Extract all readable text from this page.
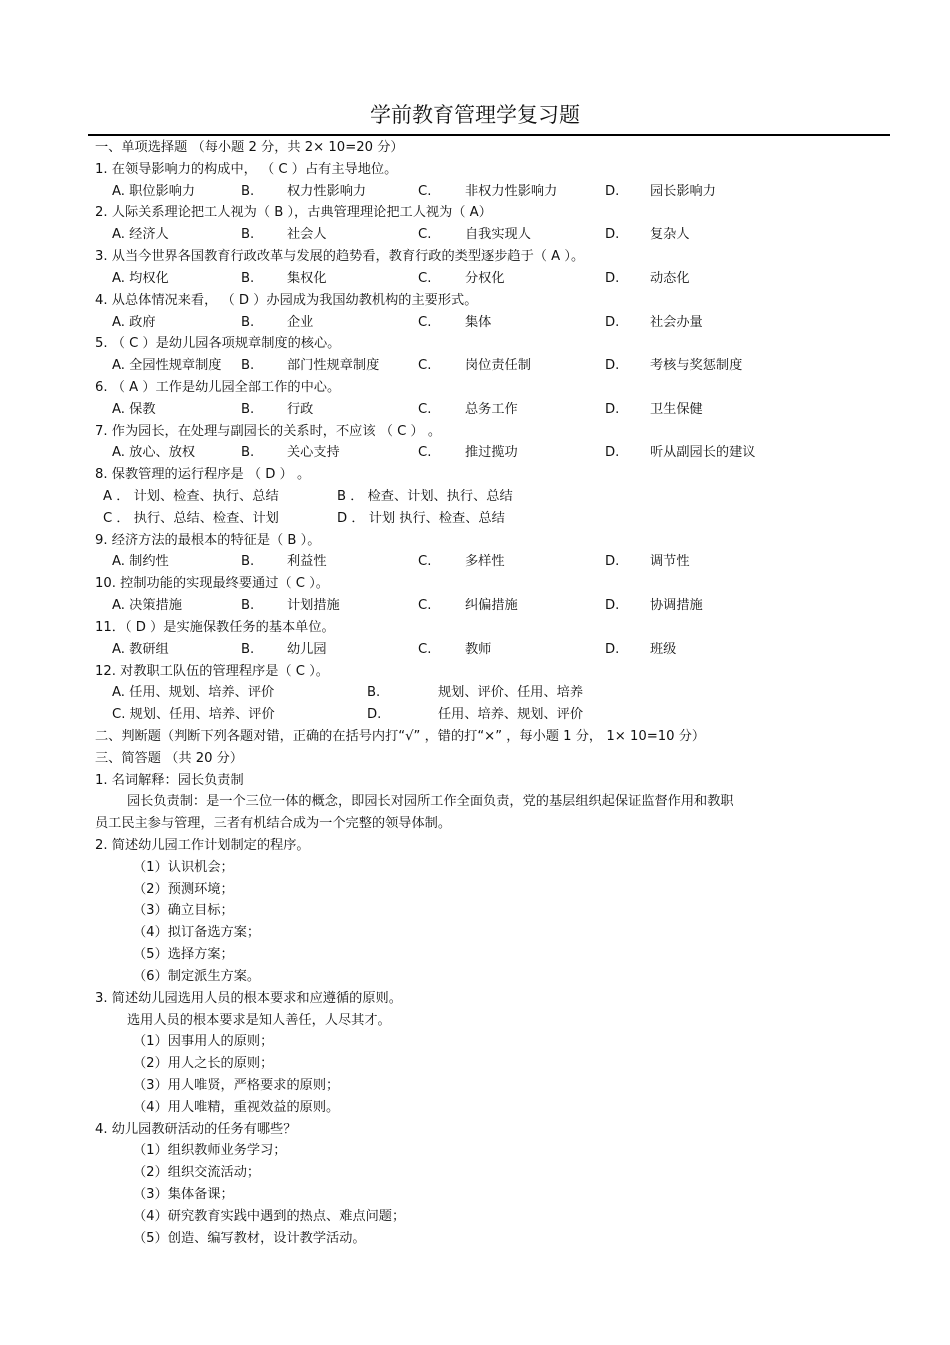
学前教育管理学复习题
一、单项选择题 （每小题 2 分，共 2× 10=20 分）
1. 在领导影响力的构成中， （ C ）占有主导地位。
A. 职位影响力	B. 权力性影响力	C.	非权力性影响力	D. 园长影响力
2. 人际关系理论把工人视为（ B ），古典管理理论把工人视为（ A）
A. 经济人	B. 社会人	C.	自我实现人	D. 复杂人
3. 从当今世界各国教育行政改革与发展的趋势看，教育行政的类型逐步趋于（ A ）。
A. 均权化	B. 集权化	C.	分权化	D. 动态化
4. 从总体情况来看， （ D ）办园成为我国幼教机构的主要形式。
A. 政府	B. 企业	C.	集体	D. 社会办量
5. （ C ）是幼儿园各项规章制度的核心。
A. 全园性规章制度 B. 部门性规章制度	C.	岗位责任制	D. 考核与奖惩制度
6. （ A ）工作是幼儿园全部工作的中心。
A. 保教	B. 行政	C.	总务工作	D. 卫生保健
7. 作为园长，在处理与副园长的关系时，不应该 （ C ） 。
A. 放心、放权	B. 关心支持	C.	推过揽功	D. 听从副园长的建议
8. 保教管理的运行程序是 （ D ） 。
A ． 计划、检查、执行、总结	B ． 检查、计划、执行、总结
C ． 执行、总结、检查、计划	D ． 计划 执行、检查、总结
9. 经济方法的最根本的特征是（ B ）。
A. 制约性	B. 利益性	C.	多样性	D. 调节性
10. 控制功能的实现最终要通过（ C ）。
A. 决策措施	B. 计划措施	C.	纠偏措施	D. 协调措施
11．（ D ）是实施保教任务的基本单位。
A. 教研组	B. 幼儿园	C.	教师	D. 班级
12. 对教职工队伍的管理程序是（ C ）。
A. 任用、规划、培养、评价	B.	规划、评价、任用、培养
C. 规划、任用、培养、评价	D.	任用、培养、规划、评价
二、判断题（判断下列各题对错，正确的在括号内打“√” ，错的打“×” ，每小题 1 分， 1× 10=10 分）
三、简答题 （共 20 分）
1. 名词解释：园长负责制
园长负责制：是一个三位一体的概念，即园长对园所工作全面负责，党的基层组织起保证监督作用和教职
员工民主参与管理，三者有机结合成为一个完整的领导体制。
2. 简述幼儿园工作计划制定的程序。
（1）认识机会；
（2）预测环境；
（3）确立目标；
（4）拟订备选方案；
（5）选择方案；
（6）制定派生方案。
3. 简述幼儿园选用人员的根本要求和应遵循的原则。
选用人员的根本要求是知人善任，人尽其才。
（1）因事用人的原则；
（2）用人之长的原则；
（3）用人唯贤，严格要求的原则；
（4）用人唯精，重视效益的原则。
4. 幼儿园教研活动的任务有哪些？
（1）组织教师业务学习；
（2）组织交流活动；
（3）集体备课；
（4）研究教育实践中遇到的热点、难点问题；
（5）创造、编写教材，设计教学活动。
